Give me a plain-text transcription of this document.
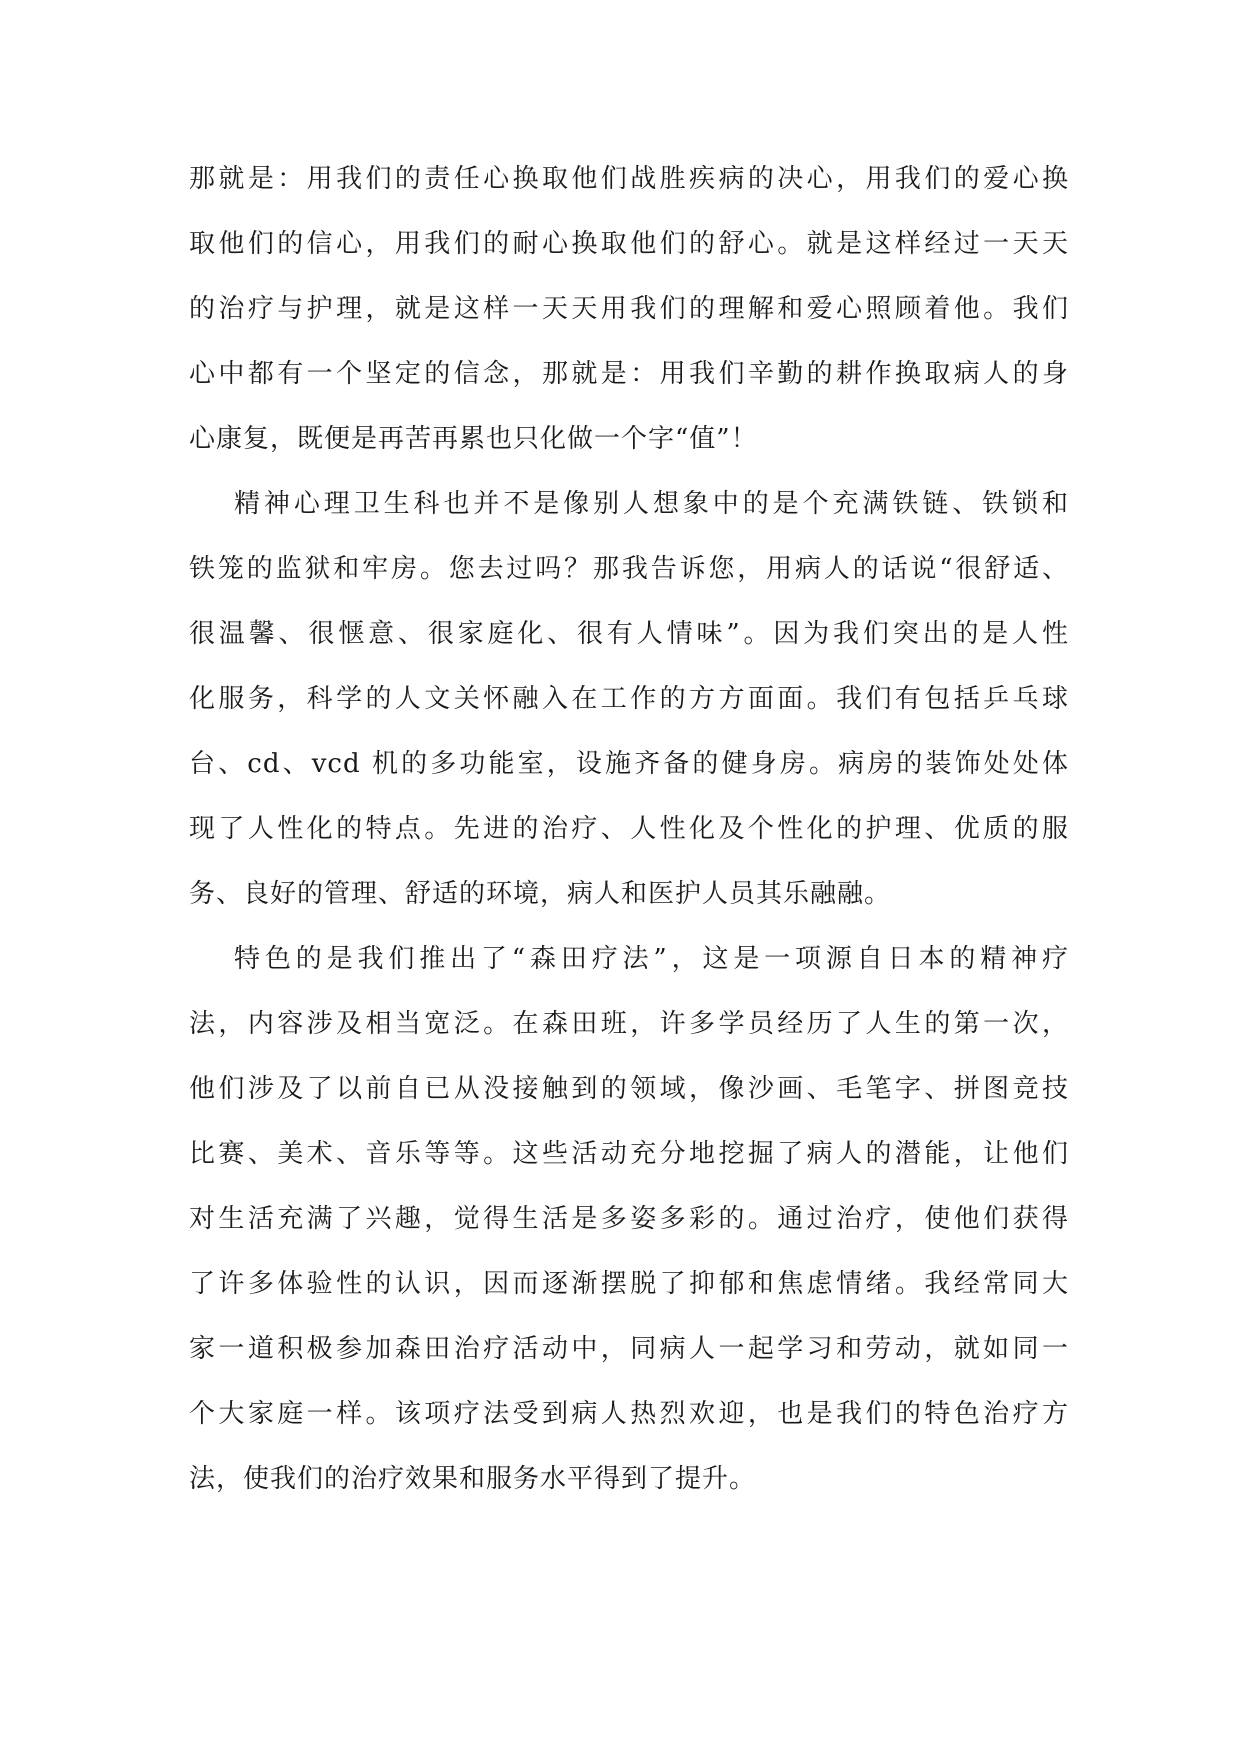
那就是：用我们的责任心换取他们战胜疾病的决心，用我们的爱心换
取他们的信心，用我们的耐心换取他们的舒心。就是这样经过一天天
的治疗与护理，就是这样一天天用我们的理解和爱心照顾着他。我们
心中都有一个坚定的信念，那就是：用我们辛勤的耕作换取病人的身
心康复，既便是再苦再累也只化做一个字“值”！
精神心理卫生科也并不是像别人想象中的是个充满铁链、铁锁和
铁笼的监狱和牢房。您去过吗？那我告诉您，用病人的话说“很舒适、
很温馨、很惬意、很家庭化、很有人情味”。因为我们突出的是人性
化服务，科学的人文关怀融入在工作的方方面面。我们有包括乒乓球
台、cd、vcd 机的多功能室，设施齐备的健身房。病房的装饰处处体
现了人性化的特点。先进的治疗、人性化及个性化的护理、优质的服
务、良好的管理、舒适的环境，病人和医护人员其乐融融。
特色的是我们推出了“森田疗法”，这是一项源自日本的精神疗
法，内容涉及相当宽泛。在森田班，许多学员经历了人生的第一次，
他们涉及了以前自已从没接触到的领域，像沙画、毛笔字、拼图竞技
比赛、美术、音乐等等。这些活动充分地挖掘了病人的潜能，让他们
对生活充满了兴趣，觉得生活是多姿多彩的。通过治疗，使他们获得
了许多体验性的认识，因而逐渐摆脱了抑郁和焦虑情绪。我经常同大
家一道积极参加森田治疗活动中，同病人一起学习和劳动，就如同一
个大家庭一样。该项疗法受到病人热烈欢迎，也是我们的特色治疗方
法，使我们的治疗效果和服务水平得到了提升。
